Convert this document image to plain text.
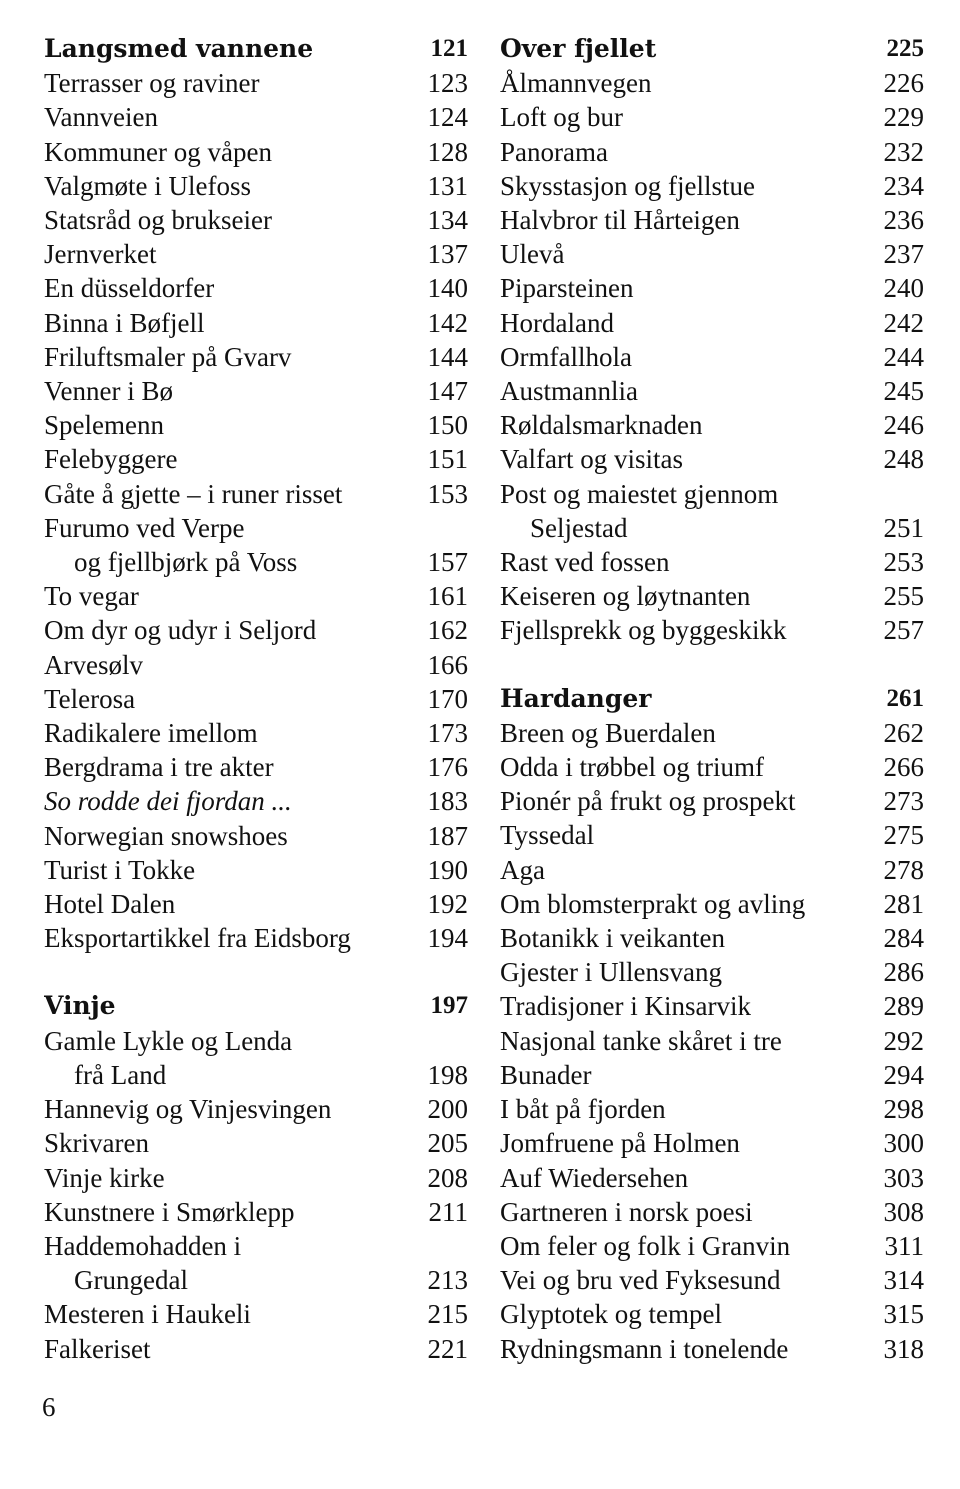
Langsmed vannene	121
Terrasser og raviner	123
Vannveien	124
Kommuner og våpen	128
Valgmøte i Ulefoss	131
Statsråd og brukseier	134
Jernverket	137
En düsseldorfer	140
Binna i Bøfjell	142
Friluftsmaler på Gvarv	144
Venner i Bø	147
Spelemenn	150
Felebyggere	151
Gåte å gjette – i runer risset	153
Furumo ved Verpe
og fjellbjørk på Voss	157
To vegar	161
Om dyr og udyr i Seljord	162
Arvesølv	166
Telerosa	170
Radikalere imellom	173
Bergdrama i tre akter	176
So rodde dei fjordan ...	183
Norwegian snowshoes	187
Turist i Tokke	190
Hotel Dalen	192
Eksportartikkel fra Eidsborg	194
Vinje	197
Gamle Lykle og Lenda
frå Land	198
Hannevig og Vinjesvingen	200
Skrivaren	205
Vinje kirke	208
Kunstnere i Smørklepp	211
Haddemohadden i
Grungedal	213
Mesteren i Haukeli	215
Falkeriset	221
Over fjellet	225
Ålmannvegen	226
Loft og bur	229
Panorama	232
Skysstasjon og fjellstue	234
Halvbror til Hårteigen	236
Ulevå	237
Piparsteinen	240
Hordaland	242
Ormfallhola	244
Austmannlia	245
Røldalsmarknaden	246
Valfart og visitas	248
Post og maiestet gjennom
Seljestad	251
Rast ved fossen	253
Keiseren og løytnanten	255
Fjellsprekk og byggeskikk	257
Hardanger	261
Breen og Buerdalen	262
Odda i trøbbel og triumf	266
Pionér på frukt og prospekt	273
Tyssedal	275
Aga	278
Om blomsterprakt og avling	281
Botanikk i veikanten	284
Gjester i Ullensvang	286
Tradisjoner i Kinsarvik	289
Nasjonal tanke skåret i tre	292
Bunader	294
I båt på fjorden	298
Jomfruene på Holmen	300
Auf Wiedersehen	303
Gartneren i norsk poesi	308
Om feler og folk i Granvin	311
Vei og bru ved Fyksesund	314
Glyptotek og tempel	315
Rydningsmann i tonelende	318
6
